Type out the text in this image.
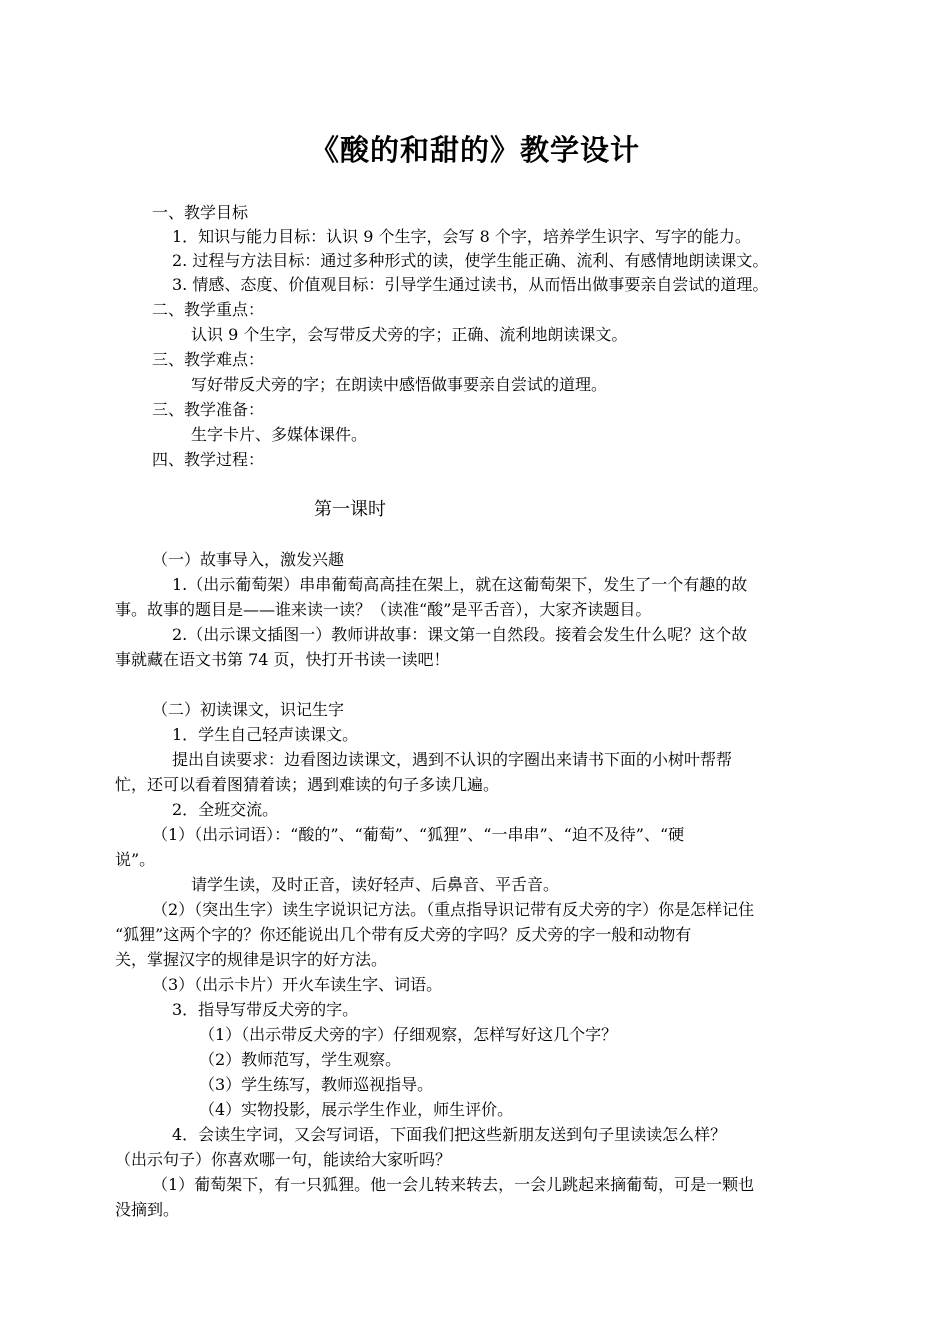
《酸的和甜的》教学设计
一、教学目标
1．知识与能力目标：认识 9 个生字，会写 8 个字，培养学生识字、写字的能力。
2. 过程与方法目标：通过多种形式的读，使学生能正确、流利、有感情地朗读课文。
3. 情感、态度、价值观目标：引导学生通过读书，从而悟出做事要亲自尝试的道理。
二、教学重点：
认识 9 个生字，会写带反犬旁的字；正确、流利地朗读课文。
三、教学难点：
写好带反犬旁的字；在朗读中感悟做事要亲自尝试的道理。
三、教学准备：
生字卡片、多媒体课件。
四、教学过程：
第一课时
（一）故事导入，激发兴趣
1.（出示葡萄架）串串葡萄高高挂在架上，就在这葡萄架下，发生了一个有趣的故
事。故事的题目是——谁来读一读？（读准“酸”是平舌音），大家齐读题目。
2.（出示课文插图一）教师讲故事：课文第一自然段。接着会发生什么呢？这个故
事就藏在语文书第 74 页，快打开书读一读吧！
（二）初读课文，识记生字
1．学生自己轻声读课文。
提出自读要求：边看图边读课文，遇到不认识的字圈出来请书下面的小树叶帮帮
忙，还可以看着图猜着读；遇到难读的句子多读几遍。
2．全班交流。
（1）（出示词语）：“酸的”、“葡萄”、“狐狸”、“一串串”、“迫不及待”、“硬
说”。
请学生读，及时正音，读好轻声、后鼻音、平舌音。
（2）（突出生字）读生字说识记方法。（重点指导识记带有反犬旁的字）你是怎样记住
“狐狸”这两个字的？你还能说出几个带有反犬旁的字吗？反犬旁的字一般和动物有
关，掌握汉字的规律是识字的好方法。
（3）（出示卡片）开火车读生字、词语。
3．指导写带反犬旁的字。
（1）（出示带反犬旁的字）仔细观察，怎样写好这几个字？
（2）教师范写，学生观察。
（3）学生练写，教师巡视指导。
（4）实物投影，展示学生作业，师生评价。
4．会读生字词，又会写词语，下面我们把这些新朋友送到句子里读读怎么样？
（出示句子）你喜欢哪一句，能读给大家听吗？
（1）葡萄架下，有一只狐狸。他一会儿转来转去，一会儿跳起来摘葡萄，可是一颗也
没摘到。
